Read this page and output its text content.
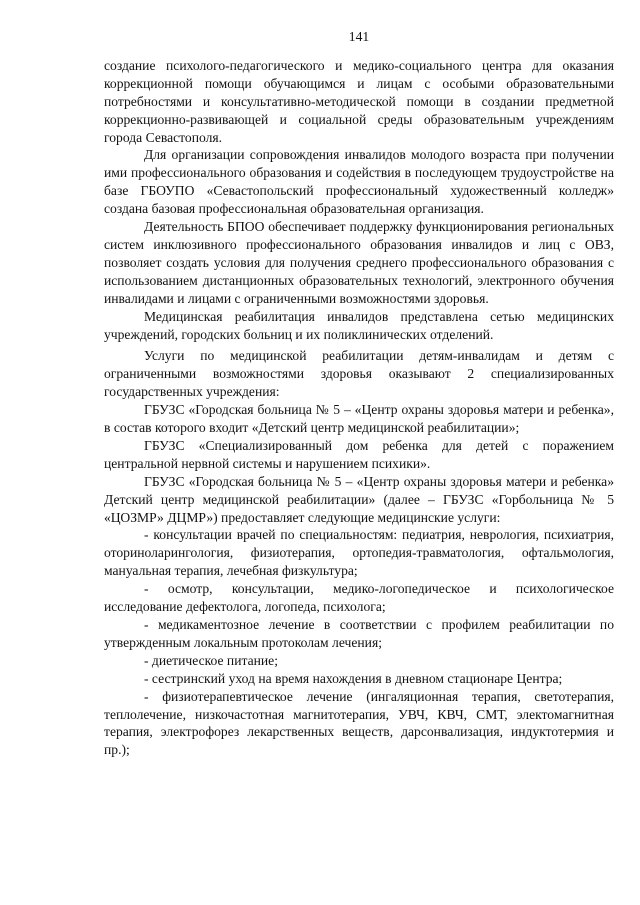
141

создание психолого-педагогического и медико-социального центра для оказания коррекционной помощи обучающимся и лицам с особыми образовательными потребностями и консультативно-методической помощи в создании предметной коррекционно-развивающей и социальной среды образовательным учреждениям города Севастополя.

Для организации сопровождения инвалидов молодого возраста при получении ими профессионального образования и содействия в последующем трудоустройстве на базе ГБОУПО «Севастопольский профессиональный художественный колледж» создана базовая профессиональная образовательная организация.

Деятельность БПОО обеспечивает поддержку функционирования региональных систем инклюзивного профессионального образования инвалидов и лиц с ОВЗ, позволяет создать условия для получения среднего профессионального образования с использованием дистанционных образовательных технологий, электронного обучения инвалидами и лицами с ограниченными возможностями здоровья.

Медицинская реабилитация инвалидов представлена сетью медицинских учреждений, городских больниц и их поликлинических отделений.

Услуги по медицинской реабилитации детям-инвалидам и детям с ограниченными возможностями здоровья оказывают 2 специализированных государственных учреждения:

ГБУЗС «Городская больница № 5 – «Центр охраны здоровья матери и ребенка», в состав которого входит «Детский центр медицинской реабилитации»;

ГБУЗС «Специализированный дом ребенка для детей с поражением центральной нервной системы и нарушением психики».

ГБУЗС «Городская больница № 5 – «Центр охраны здоровья матери и ребенка» Детский центр медицинской реабилитации» (далее – ГБУЗС «Горбольница № 5 «ЦОЗМР» ДЦМР») предоставляет следующие медицинские услуги:

- консультации врачей по специальностям: педиатрия, неврология, психиатрия, оториноларингология, физиотерапия, ортопедия-травматология, офтальмология, мануальная терапия, лечебная физкультура;

- осмотр, консультации, медико-логопедическое и психологическое исследование дефектолога, логопеда, психолога;

- медикаментозное лечение в соответствии с профилем реабилитации по утвержденным локальным протоколам лечения;

- диетическое питание;

- сестринский уход на время нахождения в дневном стационаре Центра;

- физиотерапевтическое лечение (ингаляционная терапия, светотерапия, теплолечение, низкочастотная магнитотерапия, УВЧ, КВЧ, СМТ, электомагнитная терапия, электрофорез лекарственных веществ, дарсонвализация, индуктотермия и пр.);
